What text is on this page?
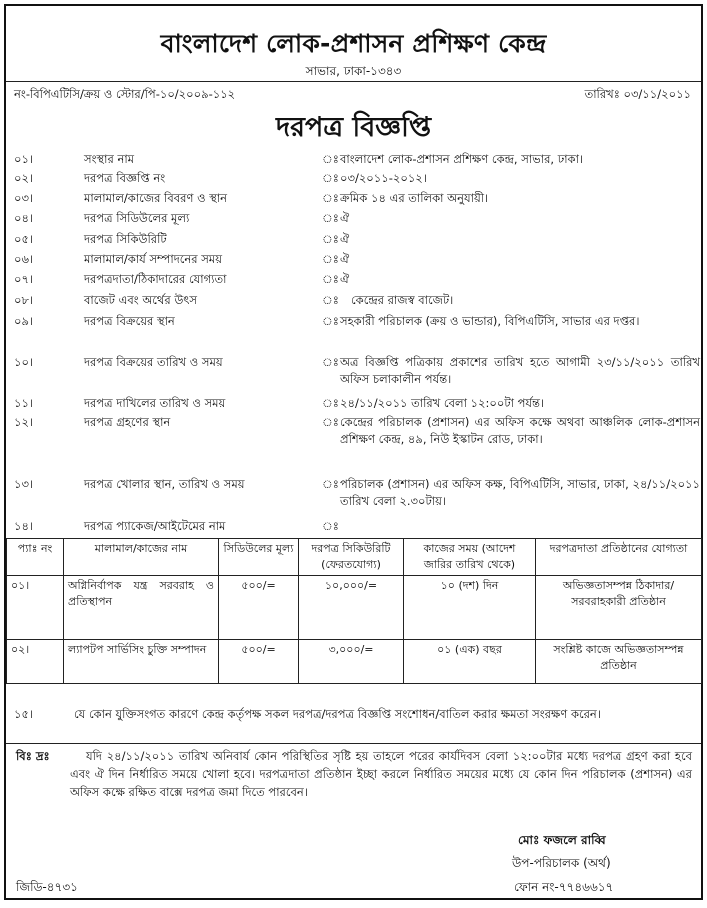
বাংলাদেশ লোক-প্রশাসন প্রশিক্ষণ কেন্দ্র
সাভার, ঢাকা-১৩৪৩
নং-বিপিএটিসি/ক্রয় ও স্টোর/পি-১০/২০০৯-১১২	তারিখঃ ০৩/১১/২০১১
দরপত্র বিজ্ঞপ্তি
০১।	সংস্থার নাম	ঃ বাংলাদেশ লোক-প্রশাসন প্রশিক্ষণ কেন্দ্র, সাভার, ঢাকা।
০২।	দরপত্র বিজ্ঞপ্তি নং	ঃ ০৩/২০১১-২০১২।
০৩।	মালামাল/কাজের বিবরণ ও স্থান	ঃ ক্রমিক ১৪ এর তালিকা অনুযায়ী।
০৪।	দরপত্র সিডিউলের মূল্য	ঃ ঐ
০৫।	দরপত্র সিকিউরিটি	ঃ ঐ
০৬।	মালামাল/কার্য সম্পাদনের সময়	ঃ ঐ
০৭।	দরপত্রদাতা/ঠিকাদারের যোগ্যতা	ঃ ঐ
০৮।	বাজেট এবং অর্থের উৎস	ঃ কেন্দ্রের রাজস্ব বাজেট।
০৯।	দরপত্র বিক্রয়ের স্থান	ঃ সহকারী পরিচালক (ক্রয় ও ভান্ডার), বিপিএটিসি, সাভার এর দপ্তর।
১০।	দরপত্র বিক্রয়ের তারিখ ও সময়	ঃ অত্র বিজ্ঞপ্তি পত্রিকায় প্রকাশের তারিখ হতে আগামী ২৩/১১/২০১১ তারিখ অফিস চলাকালীন পর্যন্ত।
১১।	দরপত্র দাখিলের তারিখ ও সময়	ঃ ২৪/১১/২০১১ তারিখ বেলা ১২:০০টা পর্যন্ত।
১২।	দরপত্র গ্রহণের স্থান	ঃ কেন্দ্রের পরিচালক (প্রশাসন) এর অফিস কক্ষে অথবা আঞ্চলিক লোক-প্রশাসন প্রশিক্ষণ কেন্দ্র, ৪৯, নিউ ইস্কাটন রোড, ঢাকা।
১৩।	দরপত্র খোলার স্থান, তারিখ ও সময়	ঃ পরিচালক (প্রশাসন) এর অফিস কক্ষ, বিপিএটিসি, সাভার, ঢাকা, ২৪/১১/২০১১ তারিখ বেলা ২.৩০টায়।
১৪।	দরপত্র প্যাকেজ/আইটেমের নাম	ঃ
প্যাঃ নং	মালামাল/কাজের নাম	সিডিউলের মূল্য	দরপত্র সিকিউরিটি (ফেরতযোগ্য)	কাজের সময় (আদেশ জারির তারিখ থেকে)	দরপত্রদাতা প্রতিষ্ঠানের যোগ্যতা
০১।	অগ্নিনির্বাপক যন্ত্র সরবরাহ ও প্রতিস্থাপন	৫০০/=	১০,০০০/=	১০ (দশ) দিন	অভিজ্ঞতাসম্পন্ন ঠিকাদার/সরবরাহকারী প্রতিষ্ঠান
০২।	ল্যাপটপ সার্ভিসিং চুক্তি সম্পাদন	৫০০/=	৩,০০০/=	০১ (এক) বছর	সংশ্লিষ্ট কাজে অভিজ্ঞতাসম্পন্ন প্রতিষ্ঠান
১৫।	যে কোন যুক্তিসংগত কারণে কেন্দ্র কর্তৃপক্ষ সকল দরপত্র/দরপত্র বিজ্ঞপ্তি সংশোধন/বাতিল করার ক্ষমতা সংরক্ষণ করেন।
বিঃ দ্রঃ	যদি ২৪/১১/২০১১ তারিখ অনিবার্য কোন পরিস্থিতির সৃষ্টি হয় তাহলে পরের কার্যদিবস বেলা ১২:০০টার মধ্যে দরপত্র গ্রহণ করা হবে এবং ঐ দিন নির্ধারিত সময়ে খোলা হবে। দরপত্রদাতা প্রতিষ্ঠান ইচ্ছা করলে নির্ধারিত সময়ের মধ্যে যে কোন দিন পরিচালক (প্রশাসন) এর অফিস কক্ষে রক্ষিত বাক্সে দরপত্র জমা দিতে পারবেন।
মোঃ ফজলে রাব্বি
উপ-পরিচালক (অর্থ)
ফোন নং-৭৭৪৬৬১৭
জিডি-৪৭৩১
